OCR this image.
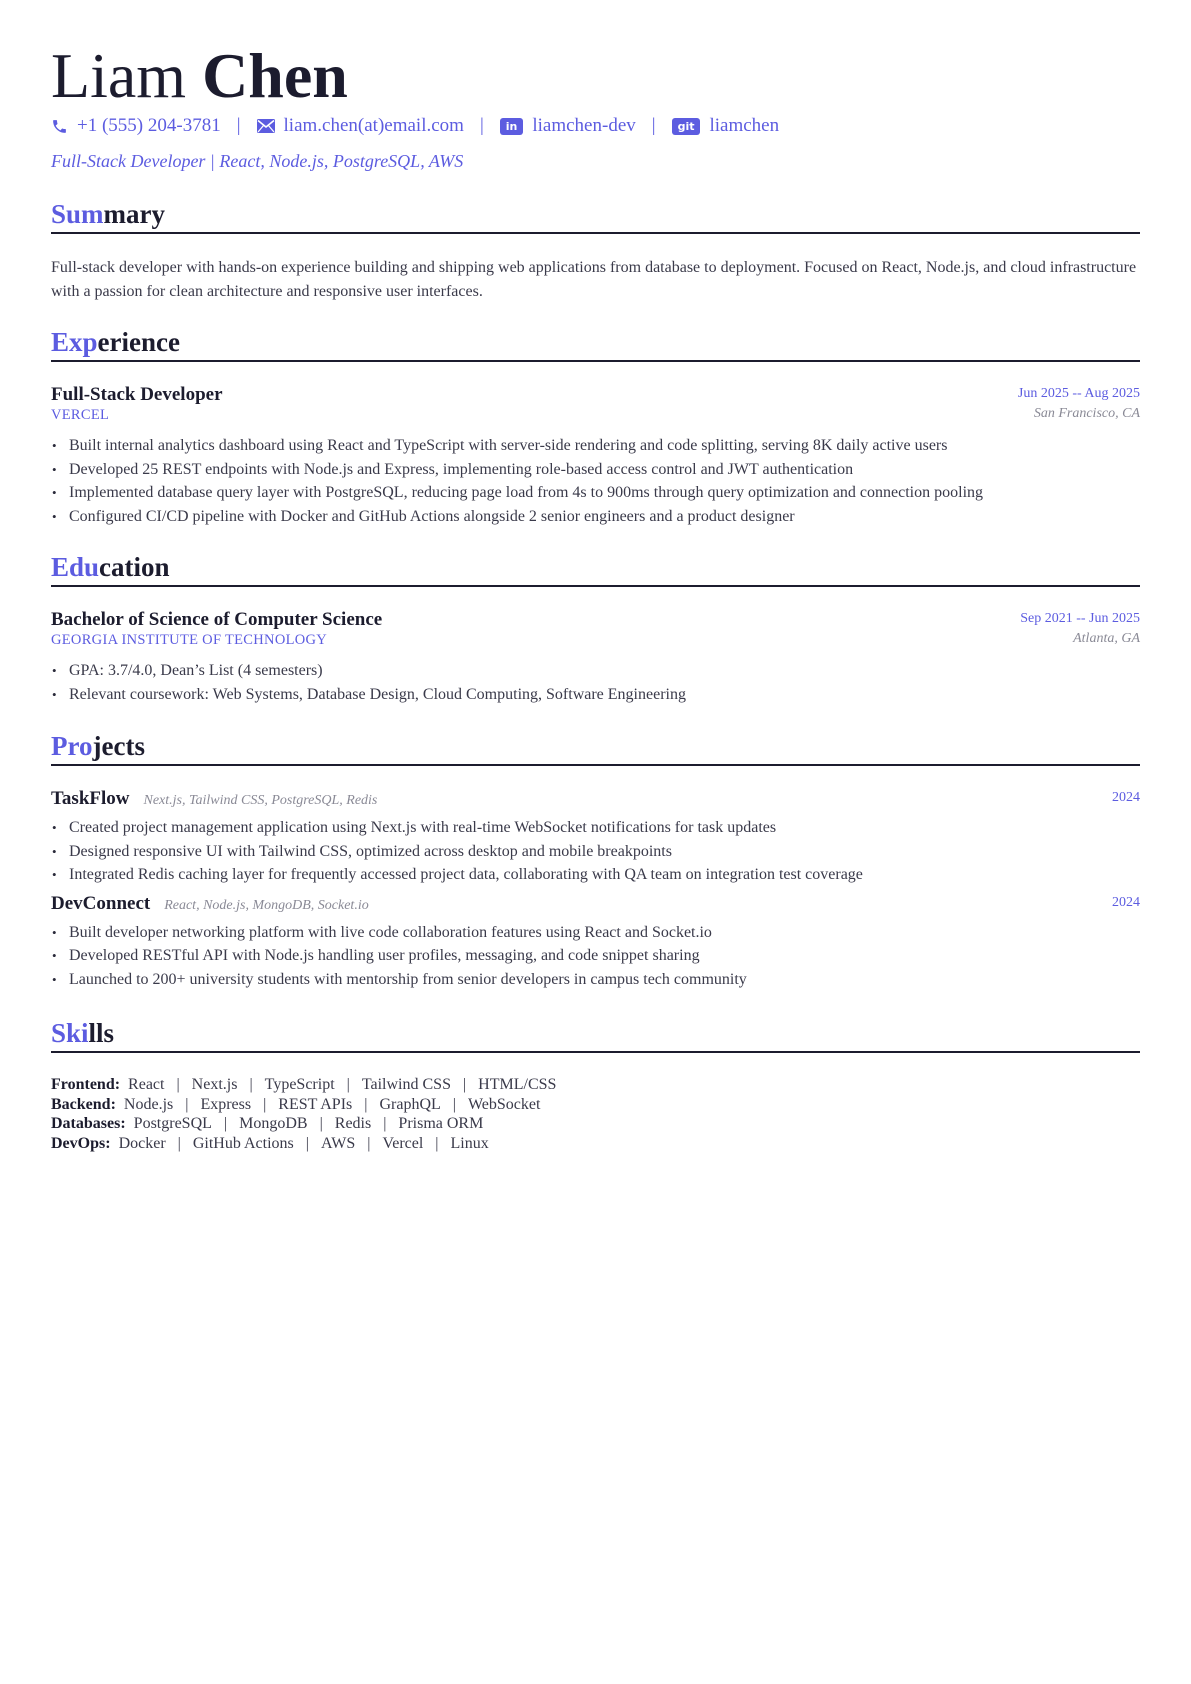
Liam Chen
+1 (555) 204-3781 | liam.chen(at)email.com |	in liamchen-dev |	git liamchen
Full-Stack Developer | React, Node.js, PostgreSQL, AWS
Summary
Full-stack developer with hands-on experience building and shipping web applications from database to deployment. Focused on React, Node.js, and cloud infrastructure with a passion for clean architecture and responsive user interfaces.
Experience
Full-Stack Developer	Jun 2025 -- Aug 2025
VERCEL	San Francisco, CA
• Built internal analytics dashboard using React and TypeScript with server-side rendering and code splitting, serving 8K daily active users
• Developed 25 REST endpoints with Node.js and Express, implementing role-based access control and JWT authentication
• Implemented database query layer with PostgreSQL, reducing page load from 4s to 900ms through query optimization and connection pooling
• Configured CI/CD pipeline with Docker and GitHub Actions alongside 2 senior engineers and a product designer
Education
Bachelor of Science of Computer Science	Sep 2021 -- Jun 2025
GEORGIA INSTITUTE OF TECHNOLOGY	Atlanta, GA
• GPA: 3.7/4.0, Dean’s List (4 semesters)
• Relevant coursework: Web Systems, Database Design, Cloud Computing, Software Engineering
Projects
TaskFlow Next.js, Tailwind CSS, PostgreSQL, Redis	2024
• Created project management application using Next.js with real-time WebSocket notifications for task updates
• Designed responsive UI with Tailwind CSS, optimized across desktop and mobile breakpoints
• Integrated Redis caching layer for frequently accessed project data, collaborating with QA team on integration test coverage
DevConnect React, Node.js, MongoDB, Socket.io	2024
• Built developer networking platform with live code collaboration features using React and Socket.io
• Developed RESTful API with Node.js handling user profiles, messaging, and code snippet sharing
• Launched to 200+ university students with mentorship from senior developers in campus tech community
Skills
Frontend: React | Next.js | TypeScript | Tailwind CSS | HTML/CSS
Backend: Node.js | Express | REST APIs | GraphQL | WebSocket
Databases: PostgreSQL | MongoDB | Redis | Prisma ORM
DevOps: Docker | GitHub Actions | AWS | Vercel | Linux
